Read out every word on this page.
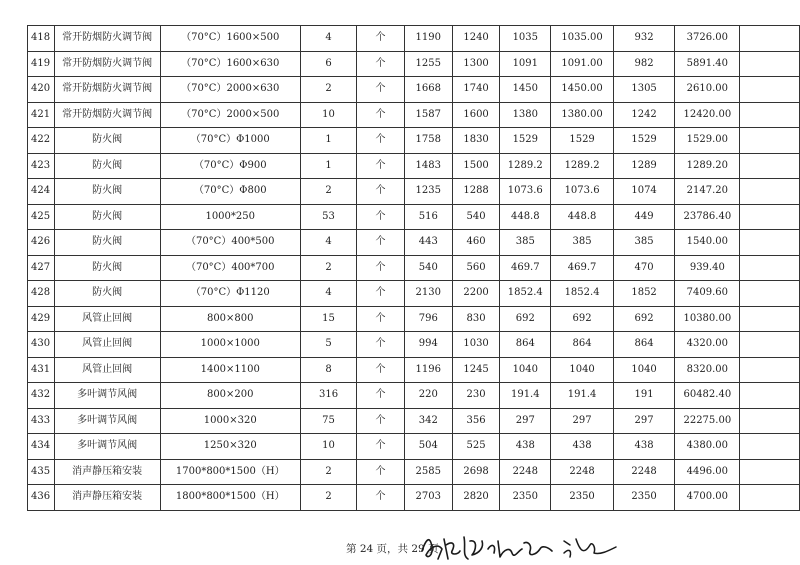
418	常开防烟防火调节阀	（70°C）1600×500	4	个	1190	1240	1035	1035.00	932	3726.00	
419	常开防烟防火调节阀	（70°C）1600×630	6	个	1255	1300	1091	1091.00	982	5891.40	
420	常开防烟防火调节阀	（70°C）2000×630	2	个	1668	1740	1450	1450.00	1305	2610.00	
421	常开防烟防火调节阀	（70°C）2000×500	10	个	1587	1600	1380	1380.00	1242	12420.00	
422	防火阀	（70°C）Φ1000	1	个	1758	1830	1529	1529	1529	1529.00	
423	防火阀	（70°C）Φ900	1	个	1483	1500	1289.2	1289.2	1289	1289.20	
424	防火阀	（70°C）Φ800	2	个	1235	1288	1073.6	1073.6	1074	2147.20	
425	防火阀	1000*250	53	个	516	540	448.8	448.8	449	23786.40	
426	防火阀	（70°C）400*500	4	个	443	460	385	385	385	1540.00	
427	防火阀	（70°C）400*700	2	个	540	560	469.7	469.7	470	939.40	
428	防火阀	（70°C）Φ1120	4	个	2130	2200	1852.4	1852.4	1852	7409.60	
429	风管止回阀	800×800	15	个	796	830	692	692	692	10380.00	
430	风管止回阀	1000×1000	5	个	994	1030	864	864	864	4320.00	
431	风管止回阀	1400×1100	8	个	1196	1245	1040	1040	1040	8320.00	
432	多叶调节风阀	800×200	316	个	220	230	191.4	191.4	191	60482.40	
433	多叶调节风阀	1000×320	75	个	342	356	297	297	297	22275.00	
434	多叶调节风阀	1250×320	10	个	504	525	438	438	438	4380.00	
435	消声静压箱安装	1700*800*1500（H）	2	个	2585	2698	2248	2248	2248	4496.00	
436	消声静压箱安装	1800*800*1500（H）	2	个	2703	2820	2350	2350	2350	4700.00	
第 24 页，共 29 页
